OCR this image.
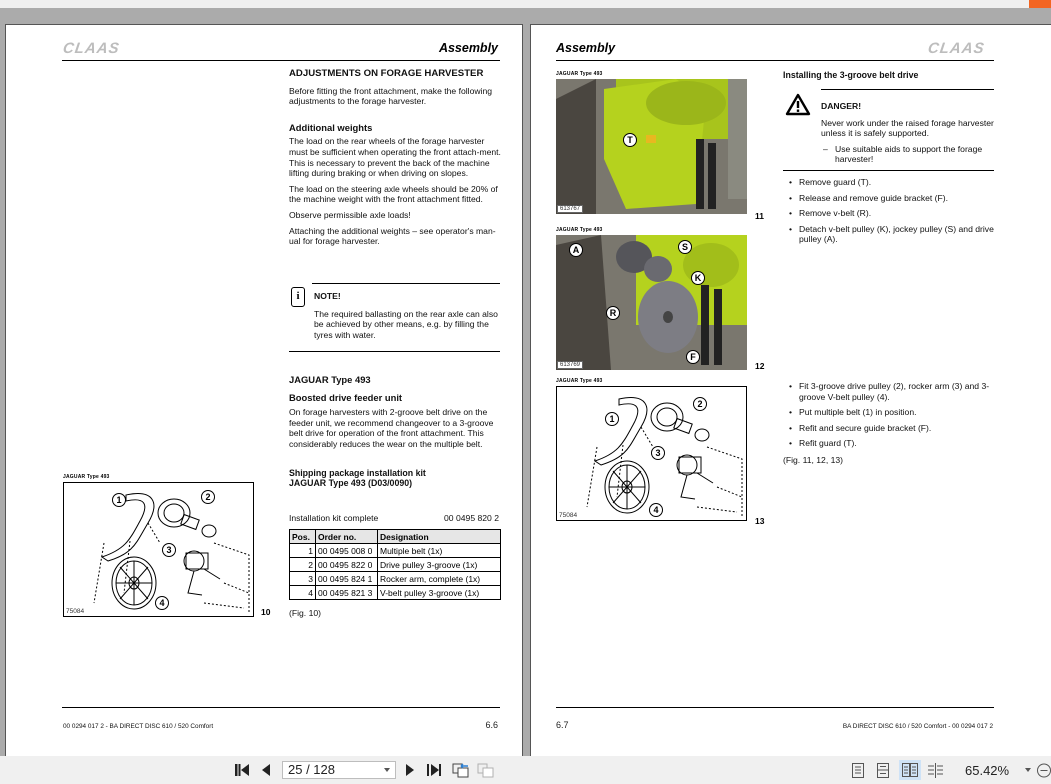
CLAAS	Assembly
ADJUSTMENTS ON FORAGE HARVESTER
Before fitting the front attachment, make the following adjustments to the forage harvester.
Additional weights
The load on the rear wheels of the forage harvester must be sufficient when operating the front attach-ment. This is necessary to prevent the back of the machine lifting during braking or when driving on slopes.
The load on the steering axle wheels should be 20% of the machine weight with the front attachment fitted.
Observe permissible axle loads!
Attaching the additional weights – see operator's man-ual for forage harvester.
i	NOTE!
The required ballasting on the rear axle can also be achieved by other means, e.g. by filling the tyres with water.
JAGUAR Type 493
Boosted drive feeder unit
On forage harvesters with 2-groove belt drive on the feeder unit, we recommend changeover to a 3-groove belt drive for operation of the front attachment. This considerably reduces the wear on the multiple belt.
Shipping package installation kit
JAGUAR Type 493 (D03/0090)
Installation kit complete	00 0495 820 2
Pos.	Order no.	Designation
1	00 0495 008 0	Multiple belt (1x)
2	00 0495 822 0	Drive pulley 3-groove (1x)
3	00 0495 824 1	Rocker arm, complete (1x)
4	00 0495 821 3	V-belt pulley 3-groove (1x)
(Fig. 10)
JAGUAR Type 493
1	2
3
4
75084	10
00 0294 017 2 - BA DIRECT DISC 610 / 520 Comfort	6.6
Assembly	CLAAS
JAGUAR Type 493
T
613767
11
JAGUAR Type 493
A	S
K
R
F
613769	12
JAGUAR Type 493
1
2
3
4
75084
13
Installing the 3-groove belt drive
DANGER!
Never work under the raised forage harvester unless it is safely supported.
– Use suitable aids to support the forage harvester!
• Remove guard (T).
• Release and remove guide bracket (F).
• Remove v-belt (R).
• Detach v-belt pulley (K), jockey pulley (S) and drive pulley (A).
• Fit 3-groove drive pulley (2), rocker arm (3) and 3-groove V-belt pulley (4).
• Put multiple belt (1) in position.
• Refit and secure guide bracket (F).
• Refit guard (T).
(Fig. 11, 12, 13)
6.7	BA DIRECT DISC 610 / 520 Comfort - 00 0294 017 2
25 / 128	65.42%
